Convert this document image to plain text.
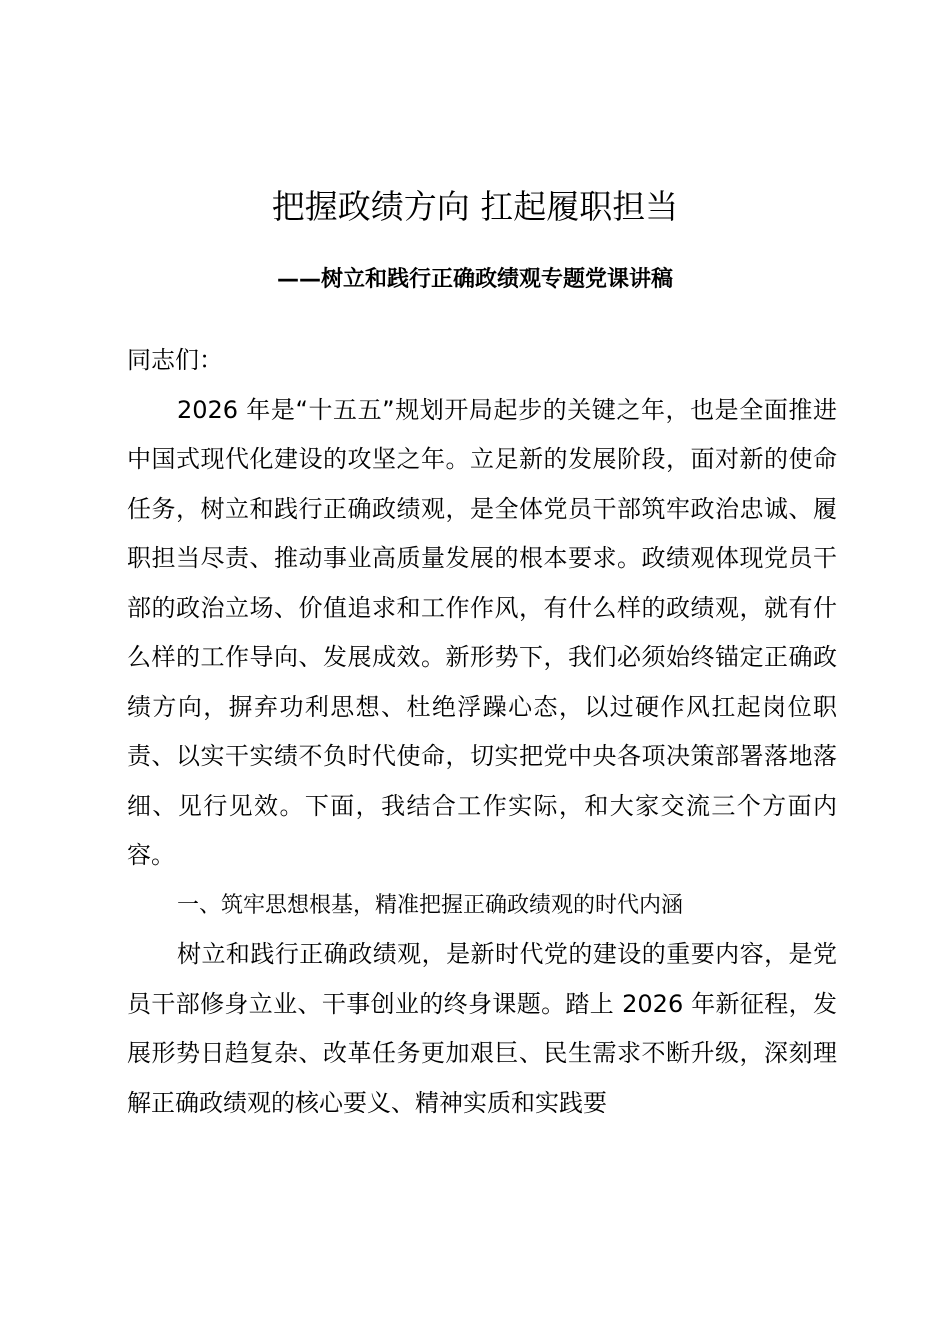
把握政绩方向 扛起履职担当
——树立和践行正确政绩观专题党课讲稿

同志们：

2026 年是“十五五”规划开局起步的关键之年，也是全面推进中国式现代化建设的攻坚之年。立足新的发展阶段，面对新的使命任务，树立和践行正确政绩观，是全体党员干部筑牢政治忠诚、履职担当尽责、推动事业高质量发展的根本要求。政绩观体现党员干部的政治立场、价值追求和工作作风，有什么样的政绩观，就有什么样的工作导向、发展成效。新形势下，我们必须始终锚定正确政绩方向，摒弃功利思想、杜绝浮躁心态，以过硬作风扛起岗位职责、以实干实绩不负时代使命，切实把党中央各项决策部署落地落细、见行见效。下面，我结合工作实际，和大家交流三个方面内容。

一、筑牢思想根基，精准把握正确政绩观的时代内涵

树立和践行正确政绩观，是新时代党的建设的重要内容，是党员干部修身立业、干事创业的终身课题。踏上 2026 年新征程，发展形势日趋复杂、改革任务更加艰巨、民生需求不断升级，深刻理解正确政绩观的核心要义、精神实质和实践要
